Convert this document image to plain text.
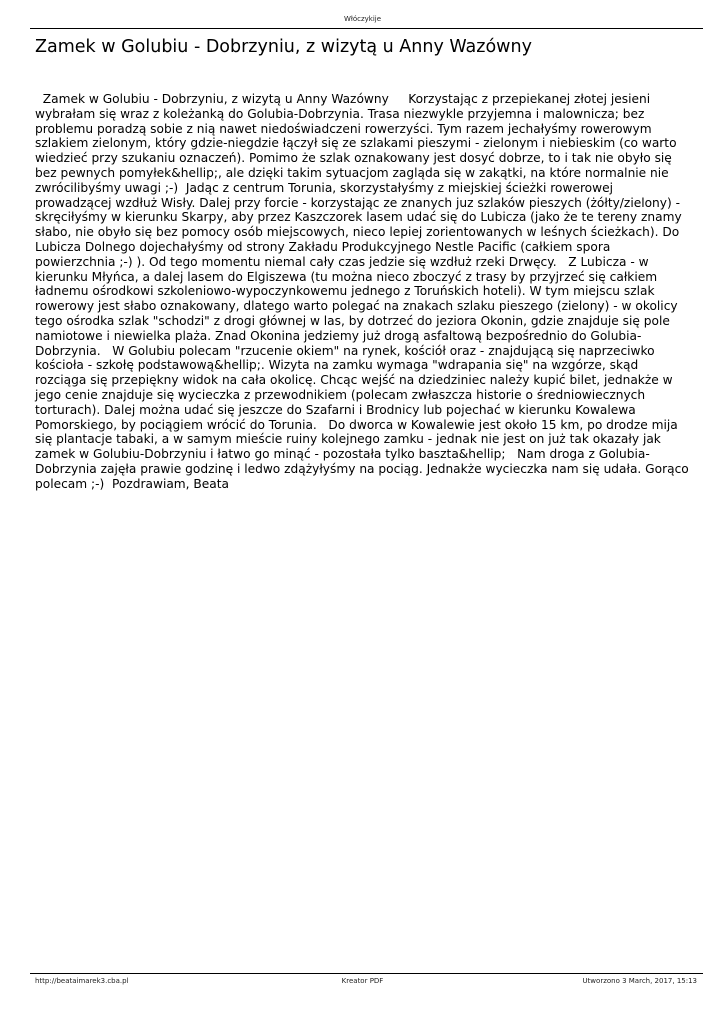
Włóczykije
Zamek w Golubiu - Dobrzyniu, z wizytą u Anny Wazówny

Zamek w Golubiu - Dobrzyniu, z wizytą u Anny Wazówny     Korzystając z przepiekanej złotej jesieni wybrałam się wraz z koleżanką do Golubia-Dobrzynia. Trasa niezwykle przyjemna i malownicza; bez problemu poradzą sobie z nią nawet niedoświadczeni rowerzyści. Tym razem jechałyśmy rowerowym szlakiem zielonym, który gdzie-niegdzie łączył się ze szlakami pieszymi - zielonym i niebieskim (co warto wiedzieć przy szukaniu oznaczeń). Pomimo że szlak oznakowany jest dosyć dobrze, to i tak nie obyło się bez pewnych pomyłek&hellip;, ale dzięki takim sytuacjom zagląda się w zakątki, na które normalnie nie zwrócilibyśmy uwagi ;-)  Jadąc z centrum Torunia, skorzystałyśmy z miejskiej ścieżki rowerowej prowadzącej wzdłuż Wisły. Dalej przy forcie - korzystając ze znanych juz szlaków pieszych (żółty/zielony) - skręciłyśmy w kierunku Skarpy, aby przez Kaszczorek lasem udać się do Lubicza (jako że te tereny znamy słabo, nie obyło się bez pomocy osób miejscowych, nieco lepiej zorientowanych w leśnych ścieżkach). Do Lubicza Dolnego dojechałyśmy od strony Zakładu Produkcyjnego Nestle Pacific (całkiem spora powierzchnia ;-) ). Od tego momentu niemal cały czas jedzie się wzdłuż rzeki Drwęcy.   Z Lubicza - w kierunku Młyńca, a dalej lasem do Elgiszewa (tu można nieco zboczyć z trasy by przyjrzeć się całkiem ładnemu ośrodkowi szkoleniowo-wypoczynkowemu jednego z Toruńskich hoteli). W tym miejscu szlak rowerowy jest słabo oznakowany, dlatego warto polegać na znakach szlaku pieszego (zielony) - w okolicy tego ośrodka szlak "schodzi" z drogi głównej w las, by dotrzeć do jeziora Okonin, gdzie znajduje się pole namiotowe i niewielka plaża. Znad Okonina jedziemy już drogą asfaltową bezpośrednio do Golubia-Dobrzynia.   W Golubiu polecam "rzucenie okiem" na rynek, kościół oraz - znajdującą się naprzeciwko kościoła - szkołę podstawową&hellip;. Wizyta na zamku wymaga "wdrapania się" na wzgórze, skąd rozciąga się przepiękny widok na cała okolicę. Chcąc wejść na dziedziniec należy kupić bilet, jednakże w jego cenie znajduje się wycieczka z przewodnikiem (polecam zwłaszcza historie o średniowiecznych torturach). Dalej można udać się jeszcze do Szafarni i Brodnicy lub pojechać w kierunku Kowalewa Pomorskiego, by pociągiem wrócić do Torunia.   Do dworca w Kowalewie jest około 15 km, po drodze mija się plantacje tabaki, a w samym mieście ruiny kolejnego zamku - jednak nie jest on już tak okazały jak zamek w Golubiu-Dobrzyniu i łatwo go minąć - pozostała tylko baszta&hellip;   Nam droga z Golubia-Dobrzynia zajęła prawie godzinę i ledwo zdążyłyśmy na pociąg. Jednakże wycieczka nam się udała. Gorąco polecam ;-)  Pozdrawiam, Beata

http://beataimarek3.cba.pl	Kreator PDF	Utworzono 3 March, 2017, 15:13
